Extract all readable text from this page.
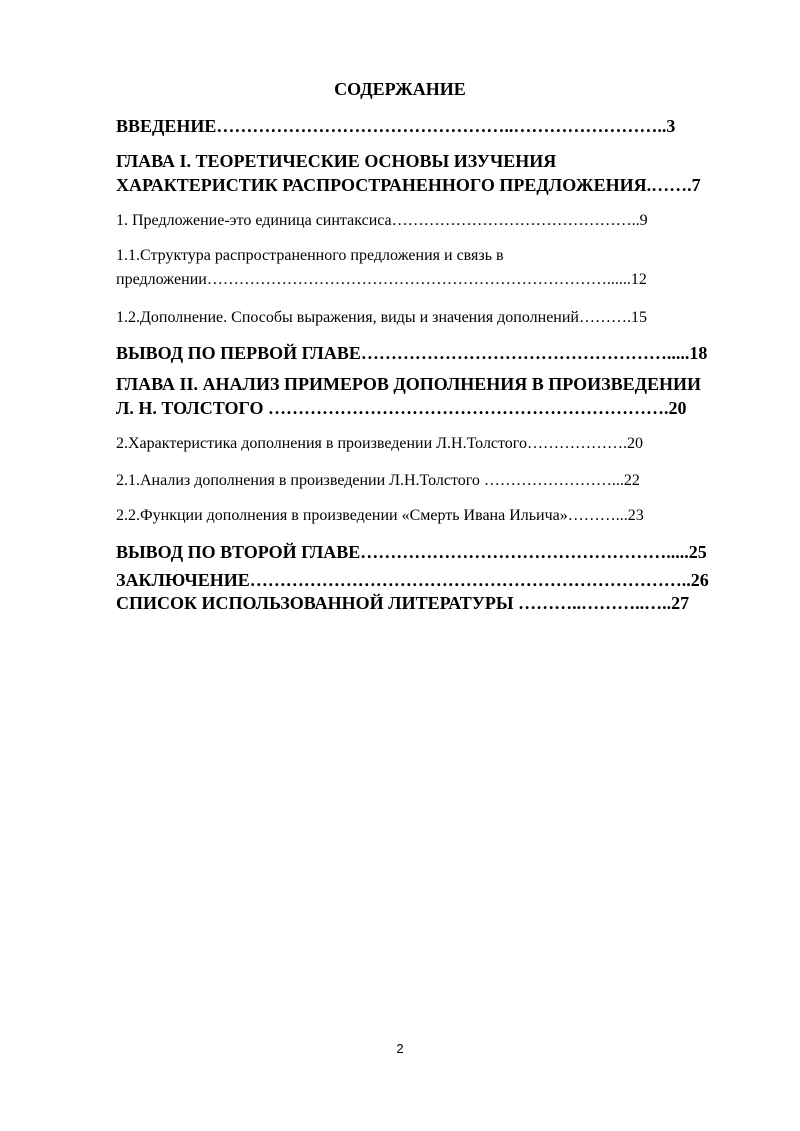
СОДЕРЖАНИЕ
ВВЕДЕНИЕ…………………………………………..……………………..3
ГЛАВА I. ТЕОРЕТИЧЕСКИЕ ОСНОВЫ ИЗУЧЕНИЯ
ХАРАКТЕРИСТИК РАСПРОСТРАНЕННОГО ПРЕДЛОЖЕНИЯ.…….7
1. Предложение-это единица синтаксиса………………………………………..9
1.1.Структура распространенного предложения и связь в
предложении…………………………………………………………………......12
1.2.Дополнение. Способы выражения, виды и значения дополнений……….15
ВЫВОД ПО ПЕРВОЙ ГЛАВЕ…………………………………………….....18
ГЛАВА II. АНАЛИЗ ПРИМЕРОВ ДОПОЛНЕНИЯ В ПРОИЗВЕДЕНИИ
Л. Н. ТОЛСТОГО ………………………………………………………….20
2.Характеристика дополнения в произведении Л.Н.Толстого……………….20
2.1.Анализ дополнения в произведении Л.Н.Толстого ……………………...22
2.2.Функции дополнения в произведении «Смерть Ивана Ильича»………...23
ВЫВОД ПО ВТОРОЙ ГЛАВЕ…………………………………………….....25
ЗАКЛЮЧЕНИЕ………………………………………………………………..26
СПИСОК ИСПОЛЬЗОВАННОЙ ЛИТЕРАТУРЫ ………..………..…..27
2
